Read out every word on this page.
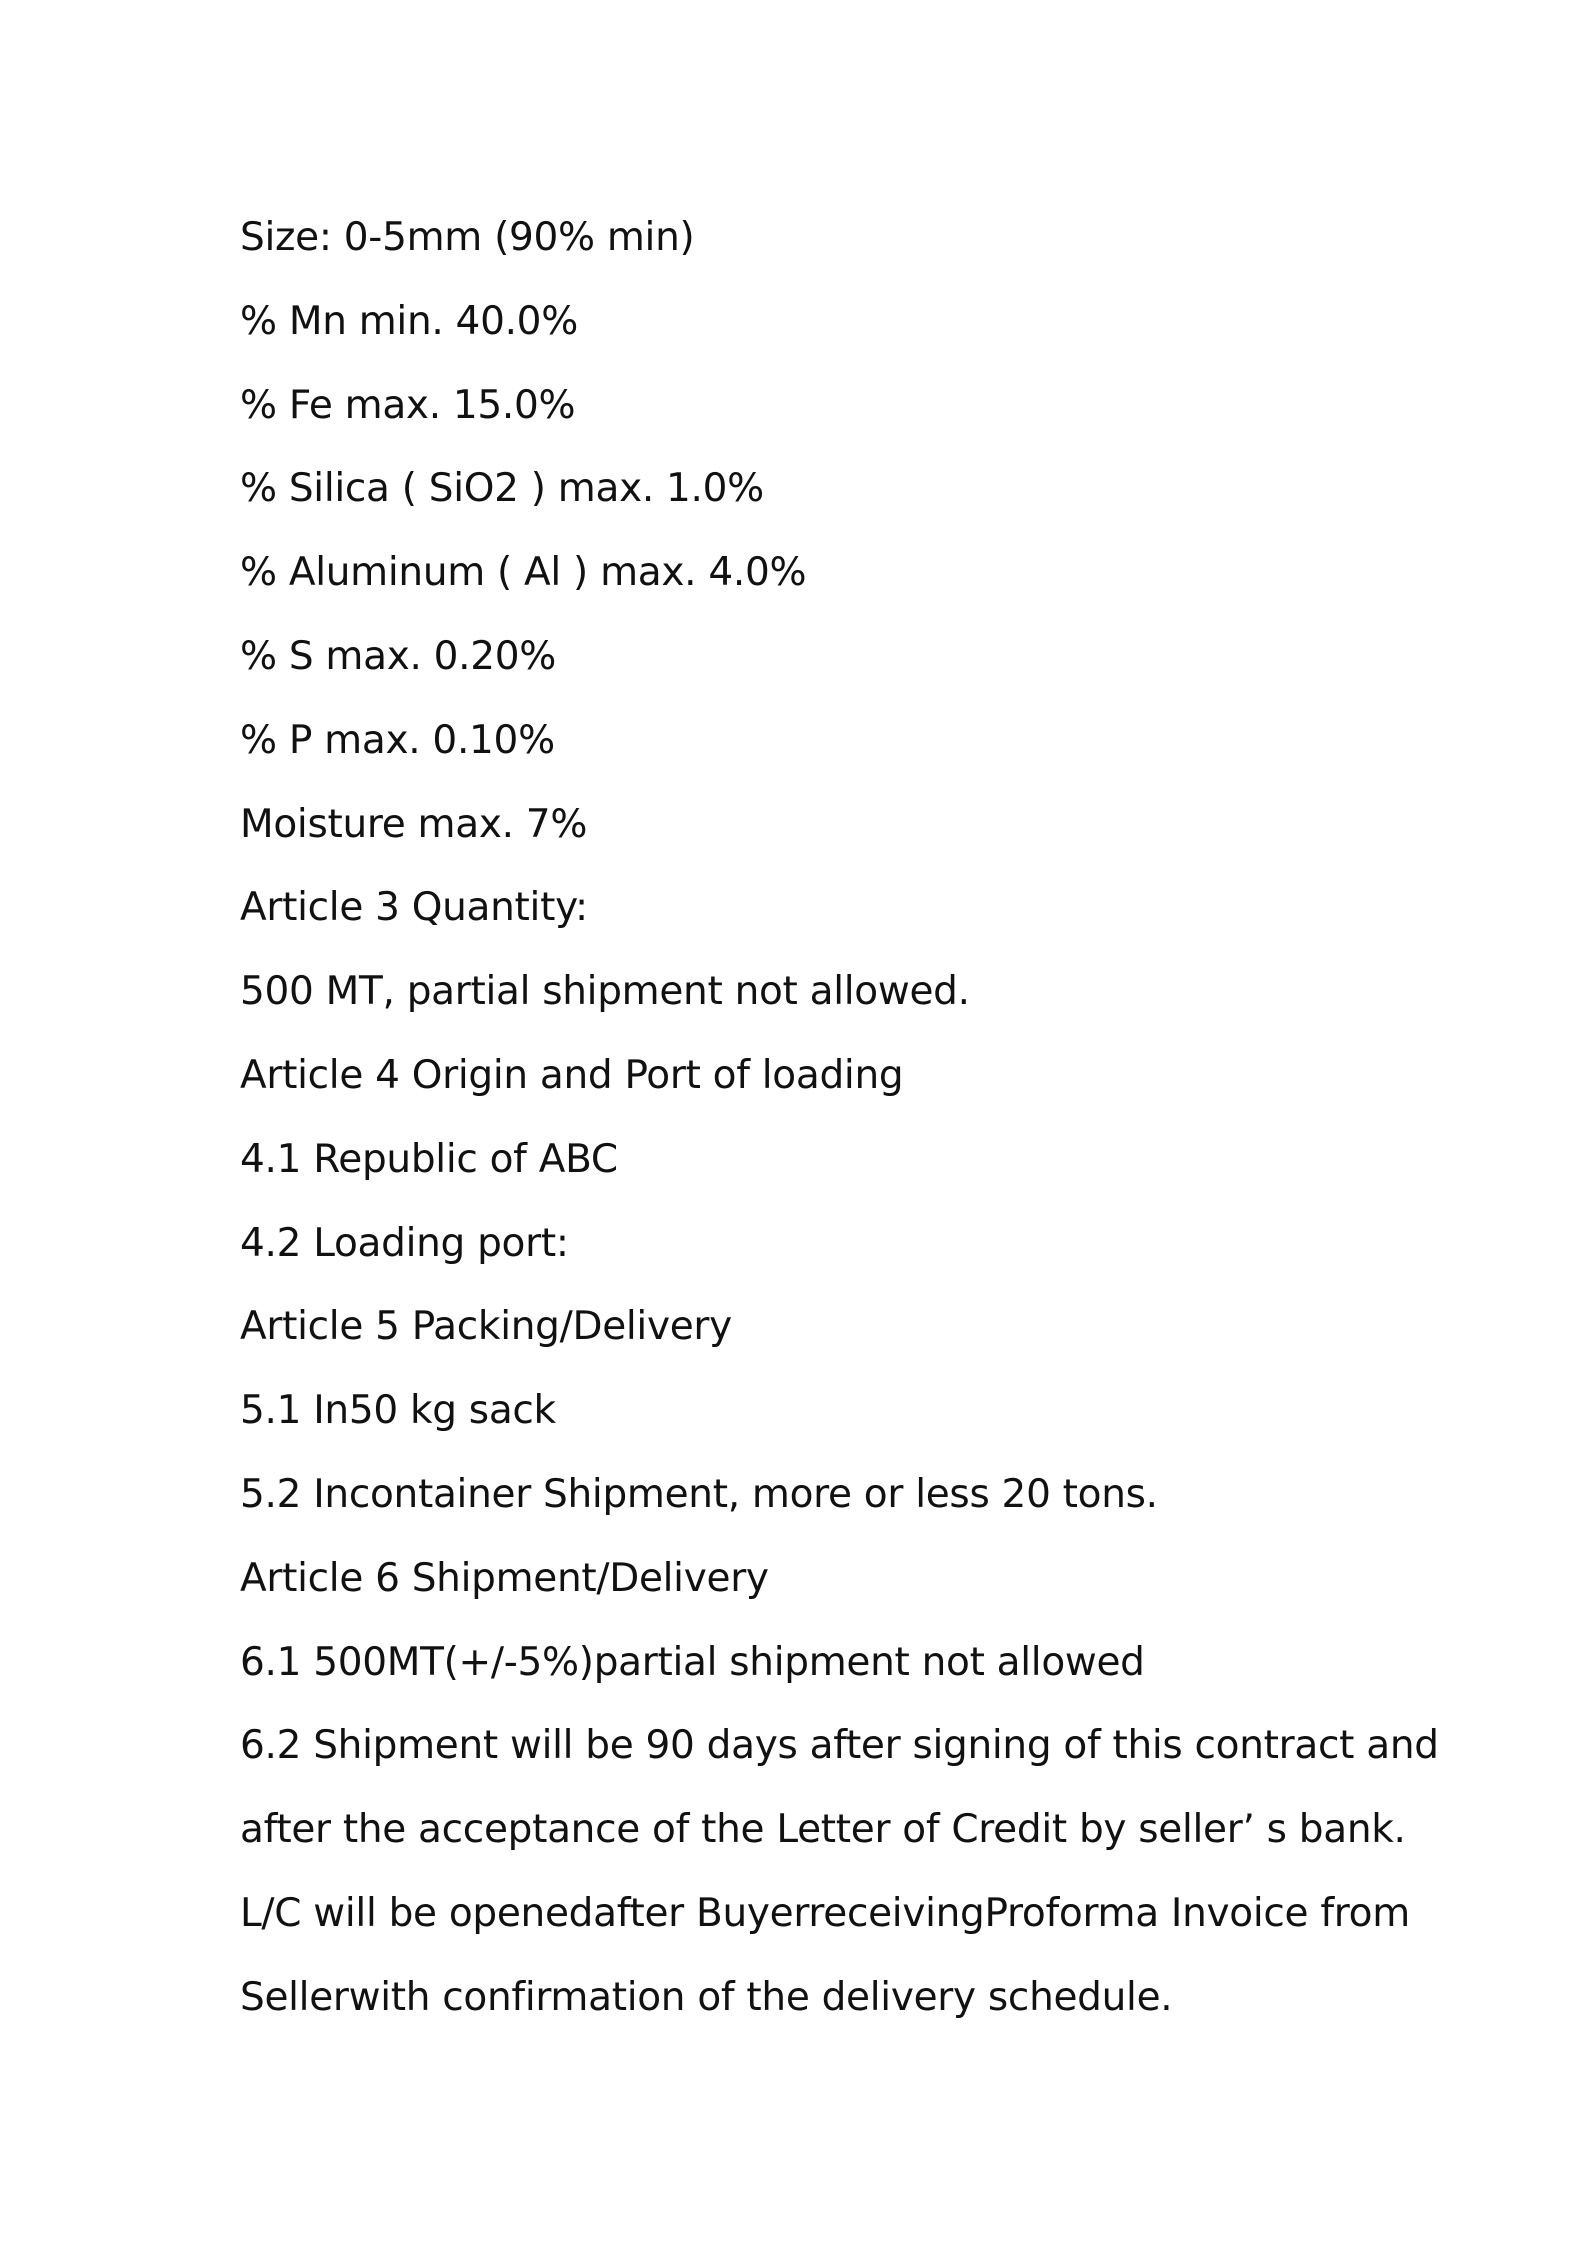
Size: 0-5mm (90% min)
% Mn min. 40.0%
% Fe max. 15.0%
% Silica ( SiO2 ) max. 1.0%
% Aluminum ( Al ) max. 4.0%
% S max. 0.20%
% P max. 0.10%
Moisture max. 7%
Article 3 Quantity:
500 MT, partial shipment not allowed.
Article 4 Origin and Port of loading
4.1 Republic of ABC
4.2 Loading port:
Article 5 Packing/Delivery
5.1 In50 kg sack
5.2 Incontainer Shipment, more or less 20 tons.
Article 6 Shipment/Delivery
6.1 500MT(+/-5%)partial shipment not allowed
6.2 Shipment will be 90 days after signing of this contract and
after the acceptance of the Letter of Credit by seller’ s bank.
L/C will be openedafter BuyerreceivingProforma Invoice from
Sellerwith confirmation of the delivery schedule.
